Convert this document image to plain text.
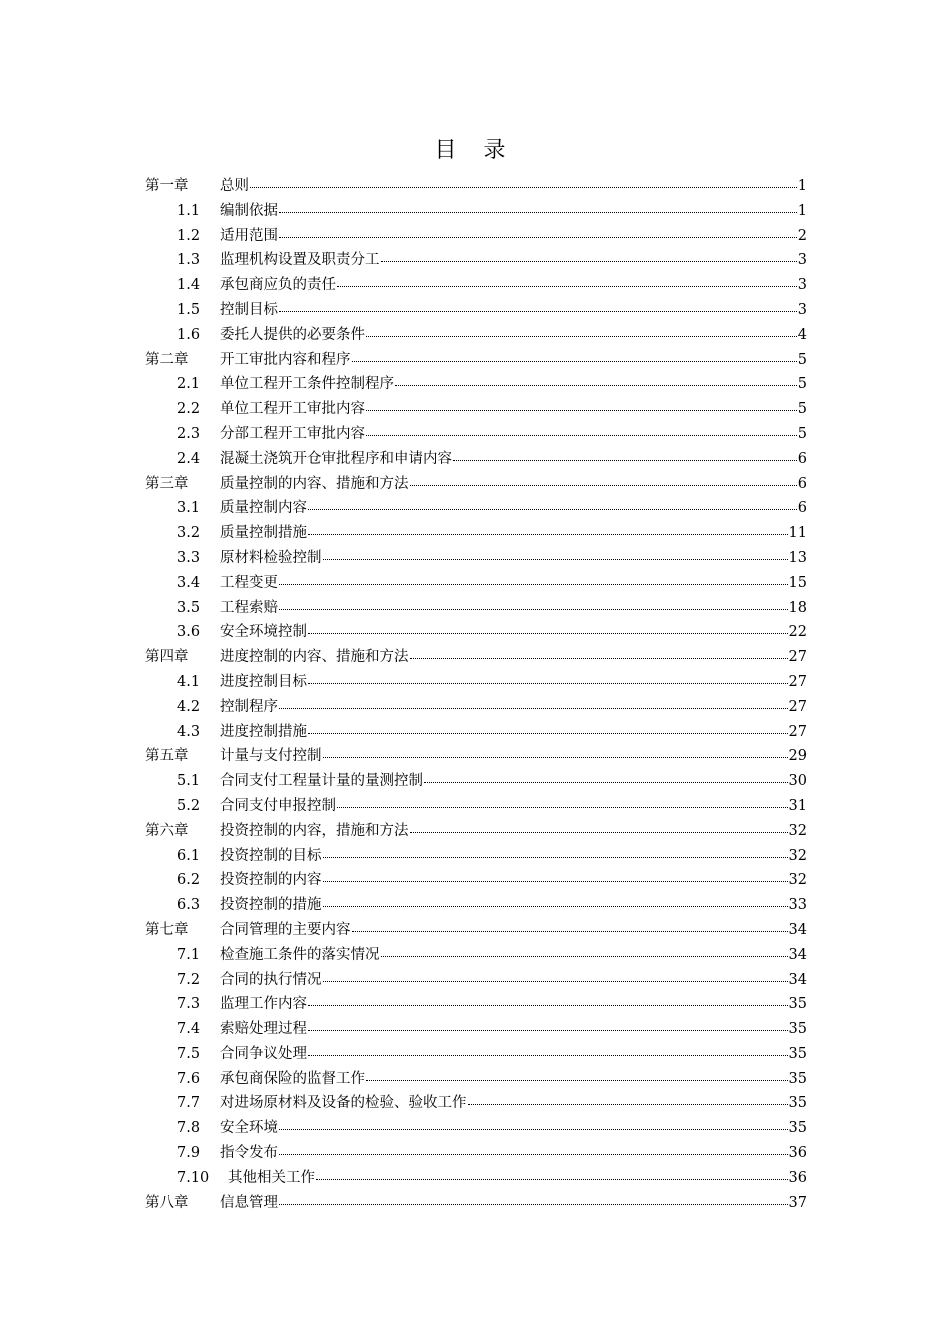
目 录
第一章 总则	1
1.1 编制依据	1
1.2 适用范围	2
1.3 监理机构设置及职责分工	3
1.4 承包商应负的责任	3
1.5 控制目标	3
1.6 委托人提供的必要条件	4
第二章 开工审批内容和程序	5
2.1 单位工程开工条件控制程序	5
2.2 单位工程开工审批内容	5
2.3 分部工程开工审批内容	5
2.4 混凝土浇筑开仓审批程序和申请内容	6
第三章 质量控制的内容、措施和方法	6
3.1 质量控制内容	6
3.2 质量控制措施	11
3.3 原材料检验控制	13
3.4 工程变更	15
3.5 工程索赔	18
3.6 安全环境控制	22
第四章 进度控制的内容、措施和方法	27
4.1 进度控制目标	27
4.2 控制程序	27
4.3 进度控制措施	27
第五章 计量与支付控制	29
5.1 合同支付工程量计量的量测控制	30
5.2 合同支付申报控制	31
第六章 投资控制的内容，措施和方法	32
6.1 投资控制的目标	32
6.2 投资控制的内容	32
6.3 投资控制的措施	33
第七章 合同管理的主要内容	34
7.1 检查施工条件的落实情况	34
7.2 合同的执行情况	34
7.3 监理工作内容	35
7.4 索赔处理过程	35
7.5 合同争议处理	35
7.6 承包商保险的监督工作	35
7.7 对进场原材料及设备的检验、验收工作	35
7.8 安全环境	35
7.9 指令发布	36
7.10 其他相关工作	36
第八章 信息管理	37
